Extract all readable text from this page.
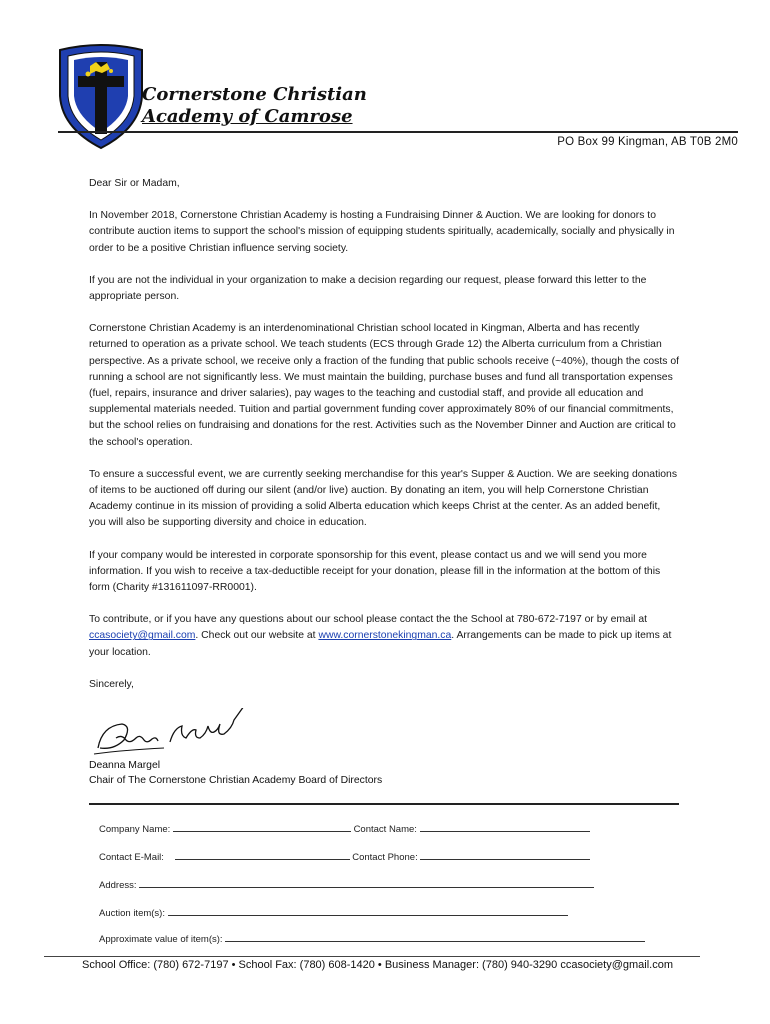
Cornerstone Christian
Academy of Camrose
PO Box 99 Kingman, AB T0B 2M0

Dear Sir or Madam,

In November 2018, Cornerstone Christian Academy is hosting a Fundraising Dinner & Auction. We are looking for donors to contribute auction items to support the school's mission of equipping students spiritually, academically, socially and physically in order to be a positive Christian influence serving society.

If you are not the individual in your organization to make a decision regarding our request, please forward this letter to the appropriate person.

Cornerstone Christian Academy is an interdenominational Christian school located in Kingman, Alberta and has recently returned to operation as a private school. We teach students (ECS through Grade 12) the Alberta curriculum from a Christian perspective. As a private school, we receive only a fraction of the funding that public schools receive (~40%), though the costs of running a school are not significantly less. We must maintain the building, purchase buses and fund all transportation expenses (fuel, repairs, insurance and driver salaries), pay wages to the teaching and custodial staff, and provide all education and supplemental materials needed. Tuition and partial government funding cover approximately 80% of our financial commitments, but the school relies on fundraising and donations for the rest. Activities such as the November Dinner and Auction are critical to the school's operation.

To ensure a successful event, we are currently seeking merchandise for this year's Supper & Auction. We are seeking donations of items to be auctioned off during our silent (and/or live) auction. By donating an item, you will help Cornerstone Christian Academy continue in its mission of providing a solid Alberta education which keeps Christ at the center. As an added benefit, you will also be supporting diversity and choice in education.

If your company would be interested in corporate sponsorship for this event, please contact us and we will send you more information. If you wish to receive a tax-deductible receipt for your donation, please fill in the information at the bottom of this form (Charity #131611097-RR0001).

To contribute, or if you have any questions about our school please contact the the School at 780-672-7197 or by email at ccasociety@gmail.com. Check out our website at www.cornerstonekingman.ca. Arrangements can be made to pick up items at your location.

Sincerely,

Deanna Margel
Chair of The Cornerstone Christian Academy Board of Directors
Company Name:	Contact Name:
Contact E-Mail:	Contact Phone:
Address:
Auction item(s):
Approximate value of item(s):
School Office: (780) 672-7197 • School Fax: (780) 608-1420 • Business Manager: (780) 940-3290 ccasociety@gmail.com
